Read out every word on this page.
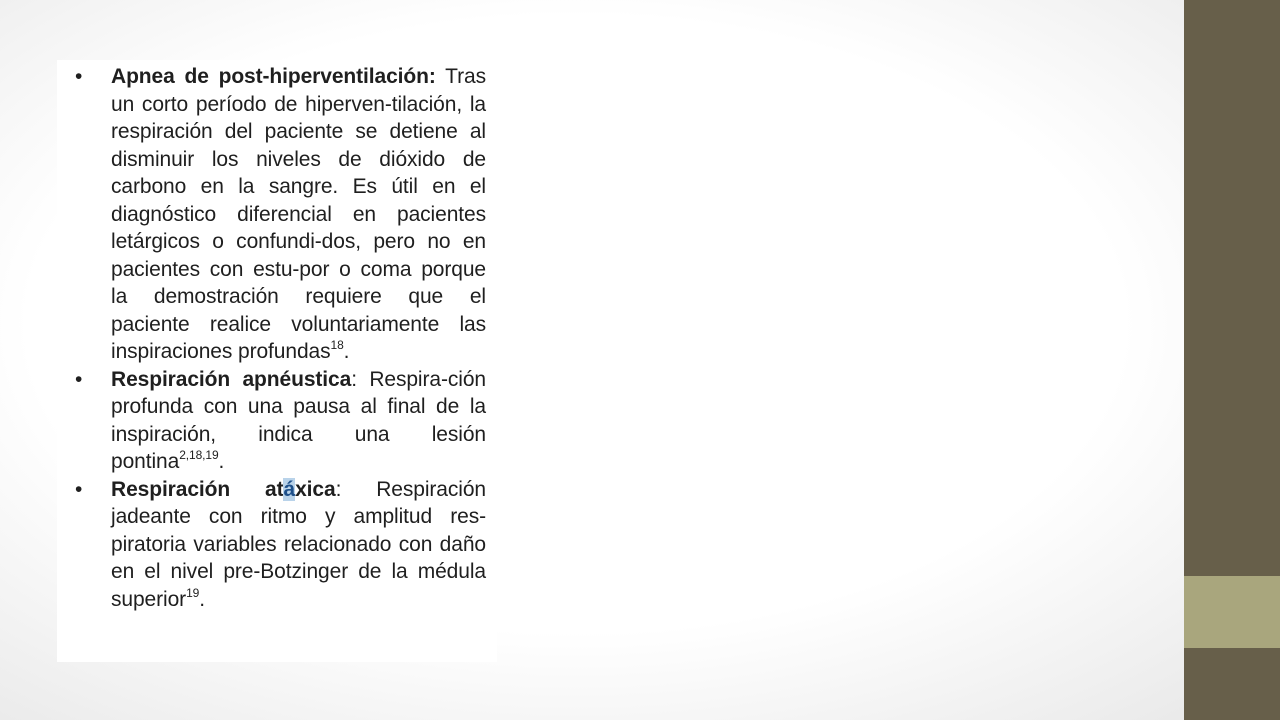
• Apnea de post-hiperventilación: Tras un corto período de hiperven-tilación, la respiración del paciente se detiene al disminuir los niveles de dióxido de carbono en la sangre. Es útil en el diagnóstico diferencial en pacientes letárgicos o confundi-dos, pero no en pacientes con estu-por o coma porque la demostración requiere que el paciente realice voluntariamente las inspiraciones profundas$^{18}$.
• Respiración apnéustica: Respira-ción profunda con una pausa al final de la inspiración, indica una lesión pontina$^{2,18,19}$.
• Respiración atáxica: Respiración jadeante con ritmo y amplitud res-piratoria variables relacionado con daño en el nivel pre-Botzinger de la médula superior$^{19}$.
